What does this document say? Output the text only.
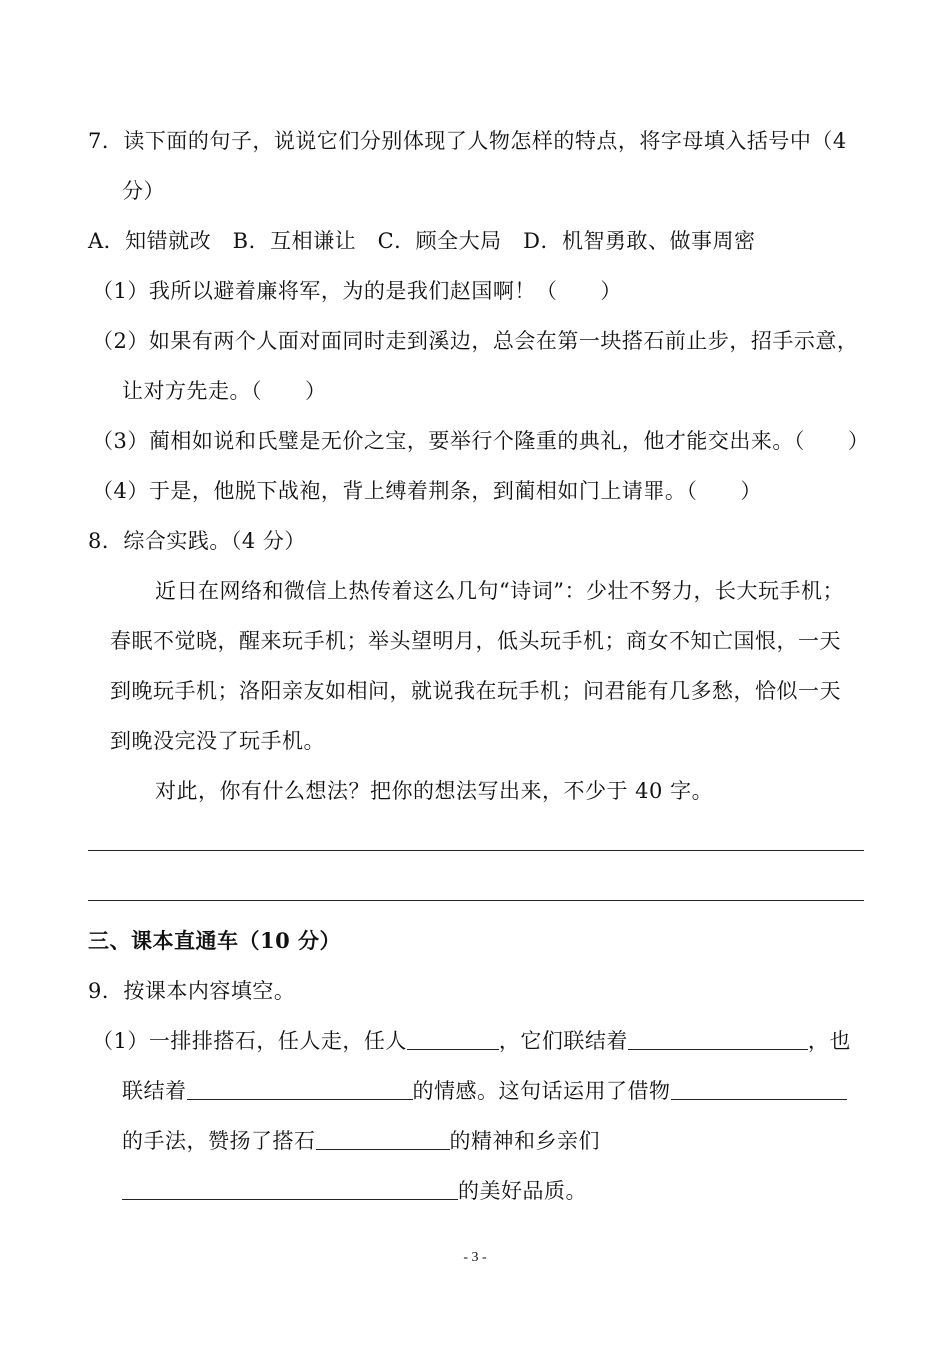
7．读下面的句子，说说它们分别体现了人物怎样的特点，将字母填入括号中（4
分）
A．知错就改　B．互相谦让　C．顾全大局　D．机智勇敢、做事周密
（1）我所以避着廉将军，为的是我们赵国啊！（　　）
（2）如果有两个人面对面同时走到溪边，总会在第一块搭石前止步，招手示意，
让对方先走。（　　）
（3）蔺相如说和氏璧是无价之宝，要举行个隆重的典礼，他才能交出来。（　　）
（4）于是，他脱下战袍，背上缚着荆条，到蔺相如门上请罪。（　　）
8．综合实践。（4 分）
近日在网络和微信上热传着这么几句“诗词”：少壮不努力，长大玩手机；
春眠不觉晓，醒来玩手机；举头望明月，低头玩手机；商女不知亡国恨，一天
到晚玩手机；洛阳亲友如相问，就说我在玩手机；问君能有几多愁，恰似一天
到晚没完没了玩手机。
对此，你有什么想法？把你的想法写出来，不少于 40 字。
三、课本直通车（10 分）
9．按课本内容填空。
（1）一排排搭石，任人走，任人	，它们联结着	，也
联结着	的情感。这句话运用了借物
的手法，赞扬了搭石	的精神和乡亲们
的美好品质。
- 3 -
